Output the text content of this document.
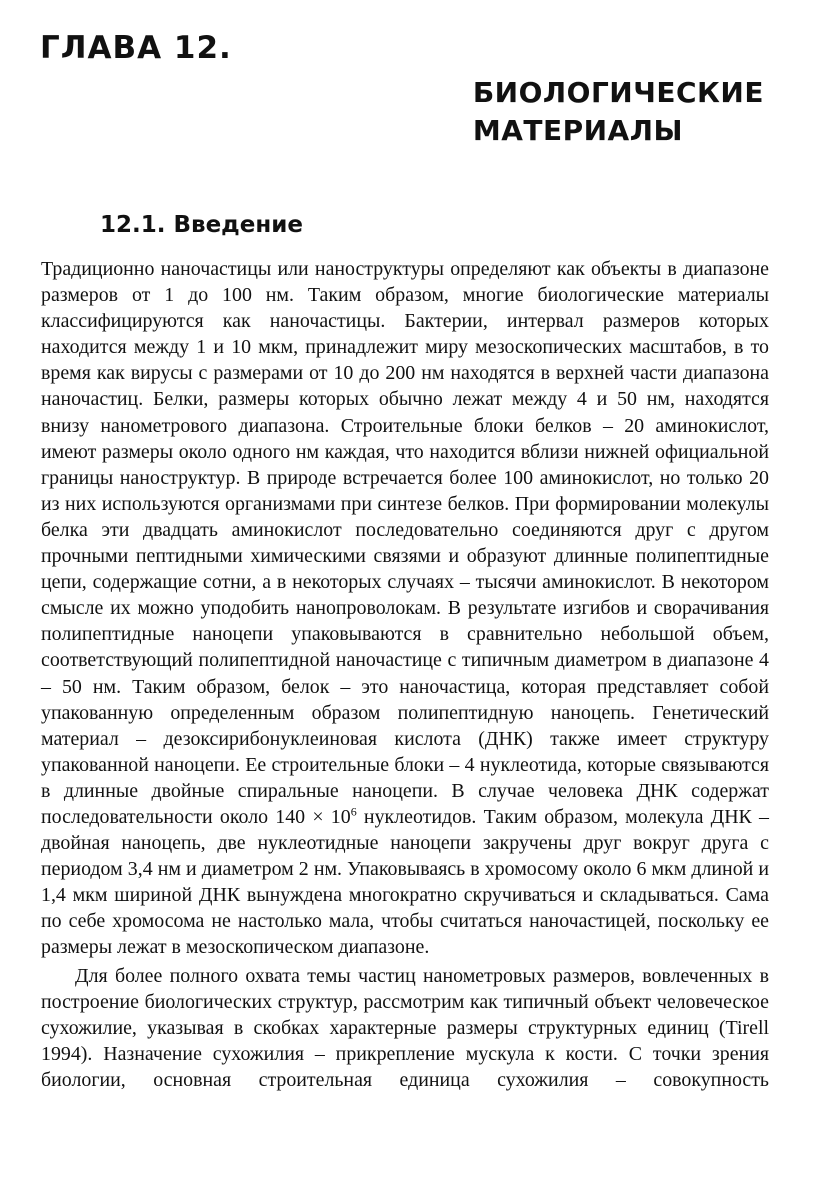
ГЛАВА 12.
БИОЛОГИЧЕСКИЕ
МАТЕРИАЛЫ
12.1. Введение

Традиционно наночастицы или наноструктуры определяют как объекты в диапазоне размеров от 1 до 100 нм. Таким образом, многие биологические материалы классифицируются как наночастицы. Бактерии, интервал размеров которых находится между 1 и 10 мкм, принадлежит миру мезоскопических масштабов, в то время как вирусы с размерами от 10 до 200 нм находятся в верхней части диапазона наночастиц. Белки, размеры которых обычно лежат между 4 и 50 нм, находятся внизу нанометрового диапазона. Строительные блоки белков – 20 аминокислот, имеют размеры около одного нм каждая, что находится вблизи нижней официальной границы наноструктур. В природе встречается более 100 аминокислот, но только 20 из них используются организмами при синтезе белков. При формировании молекулы белка эти двадцать аминокислот последовательно соединяются друг с другом прочными пептидными химическими связями и образуют длинные полипептидные цепи, содержащие сотни, а в некоторых случаях – тысячи аминокислот. В некотором смысле их можно уподобить нанопроволокам. В результате изгибов и сворачивания полипептидные наноцепи упаковываются в сравнительно небольшой объем, соответствующий полипептидной наночастице с типичным диаметром в диапазоне 4 – 50 нм. Таким образом, белок – это наночастица, которая представляет собой упакованную определенным образом полипептидную наноцепь. Генетический материал – дезоксирибонуклеиновая кислота (ДНК) также имеет структуру упакованной наноцепи. Ее строительные блоки – 4 нуклеотида, которые связываются в длинные двойные спиральные наноцепи. В случае человека ДНК содержат последовательности около $140 \times 10^6$ нуклеотидов. Таким образом, молекула ДНК – двойная наноцепь, две нуклеотидные наноцепи закручены друг вокруг друга с периодом 3,4 нм и диаметром 2 нм. Упаковываясь в хромосому около 6 мкм длиной и 1,4 мкм шириной ДНК вынуждена многократно скручиваться и складываться. Сама по себе хромосома не настолько мала, чтобы считаться наночастицей, поскольку ее размеры лежат в мезоскопическом диапазоне.

Для более полного охвата темы частиц нанометровых размеров, вовлеченных в построение биологических структур, рассмотрим как типичный объект человеческое сухожилие, указывая в скобках характерные размеры структурных единиц (Tirell 1994). Назначение сухожилия – прикрепление мускула к кости. С точки зрения биологии, основная строительная единица сухожилия – совокупность
